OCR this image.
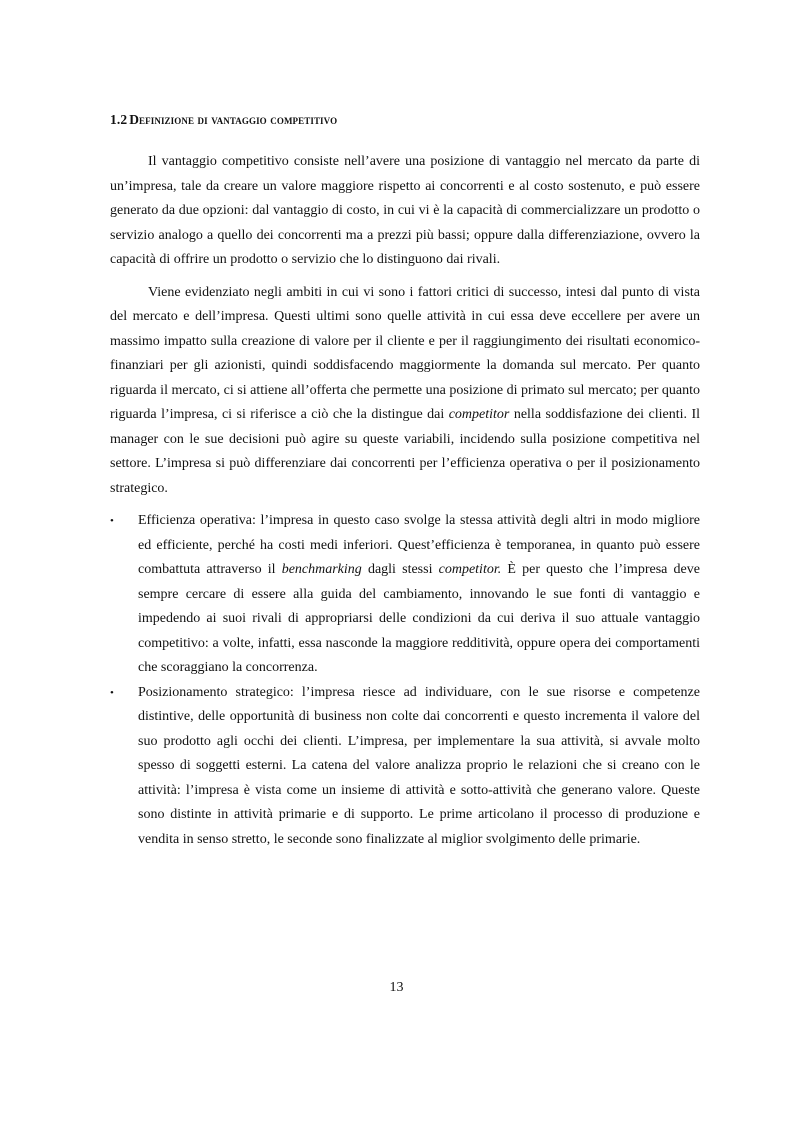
1.2 Definizione di vantaggio competitivo

Il vantaggio competitivo consiste nell’avere una posizione di vantaggio nel mercato da parte di un’impresa, tale da creare un valore maggiore rispetto ai concorrenti e al costo sostenuto, e può essere generato da due opzioni: dal vantaggio di costo, in cui vi è la capacità di commercializzare un prodotto o servizio analogo a quello dei concorrenti ma a prezzi più bassi; oppure dalla differenziazione, ovvero la capacità di offrire un prodotto o servizio che lo distinguono dai rivali.

Viene evidenziato negli ambiti in cui vi sono i fattori critici di successo, intesi dal punto di vista del mercato e dell’impresa. Questi ultimi sono quelle attività in cui essa deve eccellere per avere un massimo impatto sulla creazione di valore per il cliente e per il raggiungimento dei risultati economico-finanziari per gli azionisti, quindi soddisfacendo maggiormente la domanda sul mercato. Per quanto riguarda il mercato, ci si attiene all’offerta che permette una posizione di primato sul mercato; per quanto riguarda l’impresa, ci si riferisce a ciò che la distingue dai competitor nella soddisfazione dei clienti. Il manager con le sue decisioni può agire su queste variabili, incidendo sulla posizione competitiva nel settore. L’impresa si può differenziare dai concorrenti per l’efficienza operativa o per il posizionamento strategico.

• Efficienza operativa: l’impresa in questo caso svolge la stessa attività degli altri in modo migliore ed efficiente, perché ha costi medi inferiori. Quest’efficienza è temporanea, in quanto può essere combattuta attraverso il benchmarking dagli stessi competitor. È per questo che l’impresa deve sempre cercare di essere alla guida del cambiamento, innovando le sue fonti di vantaggio e impedendo ai suoi rivali di appropriarsi delle condizioni da cui deriva il suo attuale vantaggio competitivo: a volte, infatti, essa nasconde la maggiore redditività, oppure opera dei comportamenti che scoraggiano la concorrenza.
• Posizionamento strategico: l’impresa riesce ad individuare, con le sue risorse e competenze distintive, delle opportunità di business non colte dai concorrenti e questo incrementa il valore del suo prodotto agli occhi dei clienti. L’impresa, per implementare la sua attività, si avvale molto spesso di soggetti esterni. La catena del valore analizza proprio le relazioni che si creano con le attività: l’impresa è vista come un insieme di attività e sotto-attività che generano valore. Queste sono distinte in attività primarie e di supporto. Le prime articolano il processo di produzione e vendita in senso stretto, le seconde sono finalizzate al miglior svolgimento delle primarie.
13
